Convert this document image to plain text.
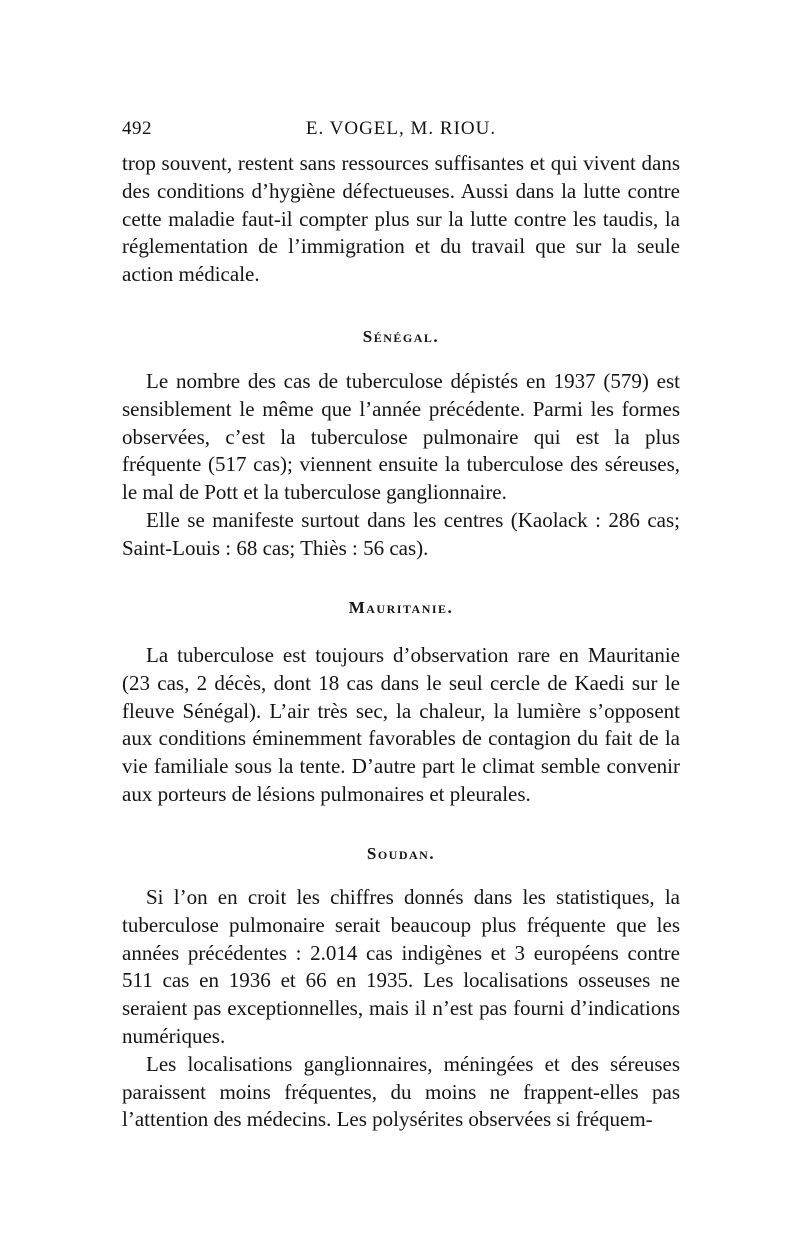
492	E. VOGEL, M. RIOU.

trop souvent, restent sans ressources suffisantes et qui vivent dans des conditions d’hygiène défectueuses. Aussi dans la lutte contre cette maladie faut-il compter plus sur la lutte contre les taudis, la réglementation de l’immigration et du travail que sur la seule action médicale.

Sénégal.

Le nombre des cas de tuberculose dépistés en 1937 (579) est sensiblement le même que l’année précédente. Parmi les formes observées, c’est la tuberculose pulmonaire qui est la plus fréquente (517 cas); viennent ensuite la tuberculose des séreuses, le mal de Pott et la tuberculose ganglionnaire.

Elle se manifeste surtout dans les centres (Kaolack : 286 cas; Saint-Louis : 68 cas; Thiès : 56 cas).

Mauritanie.

La tuberculose est toujours d’observation rare en Mauritanie (23 cas, 2 décès, dont 18 cas dans le seul cercle de Kaedi sur le fleuve Sénégal). L’air très sec, la chaleur, la lumière s’opposent aux conditions éminemment favorables de contagion du fait de la vie familiale sous la tente. D’autre part le climat semble convenir aux porteurs de lésions pulmonaires et pleurales.

Soudan.

Si l’on en croit les chiffres donnés dans les statistiques, la tuberculose pulmonaire serait beaucoup plus fréquente que les années précédentes : 2.014 cas indigènes et 3 européens contre 511 cas en 1936 et 66 en 1935. Les localisations osseuses ne seraient pas exceptionnelles, mais il n’est pas fourni d’indications numériques.

Les localisations ganglionnaires, méningées et des séreuses paraissent moins fréquentes, du moins ne frappent-elles pas l’attention des médecins. Les polysérites observées si fréquem-
